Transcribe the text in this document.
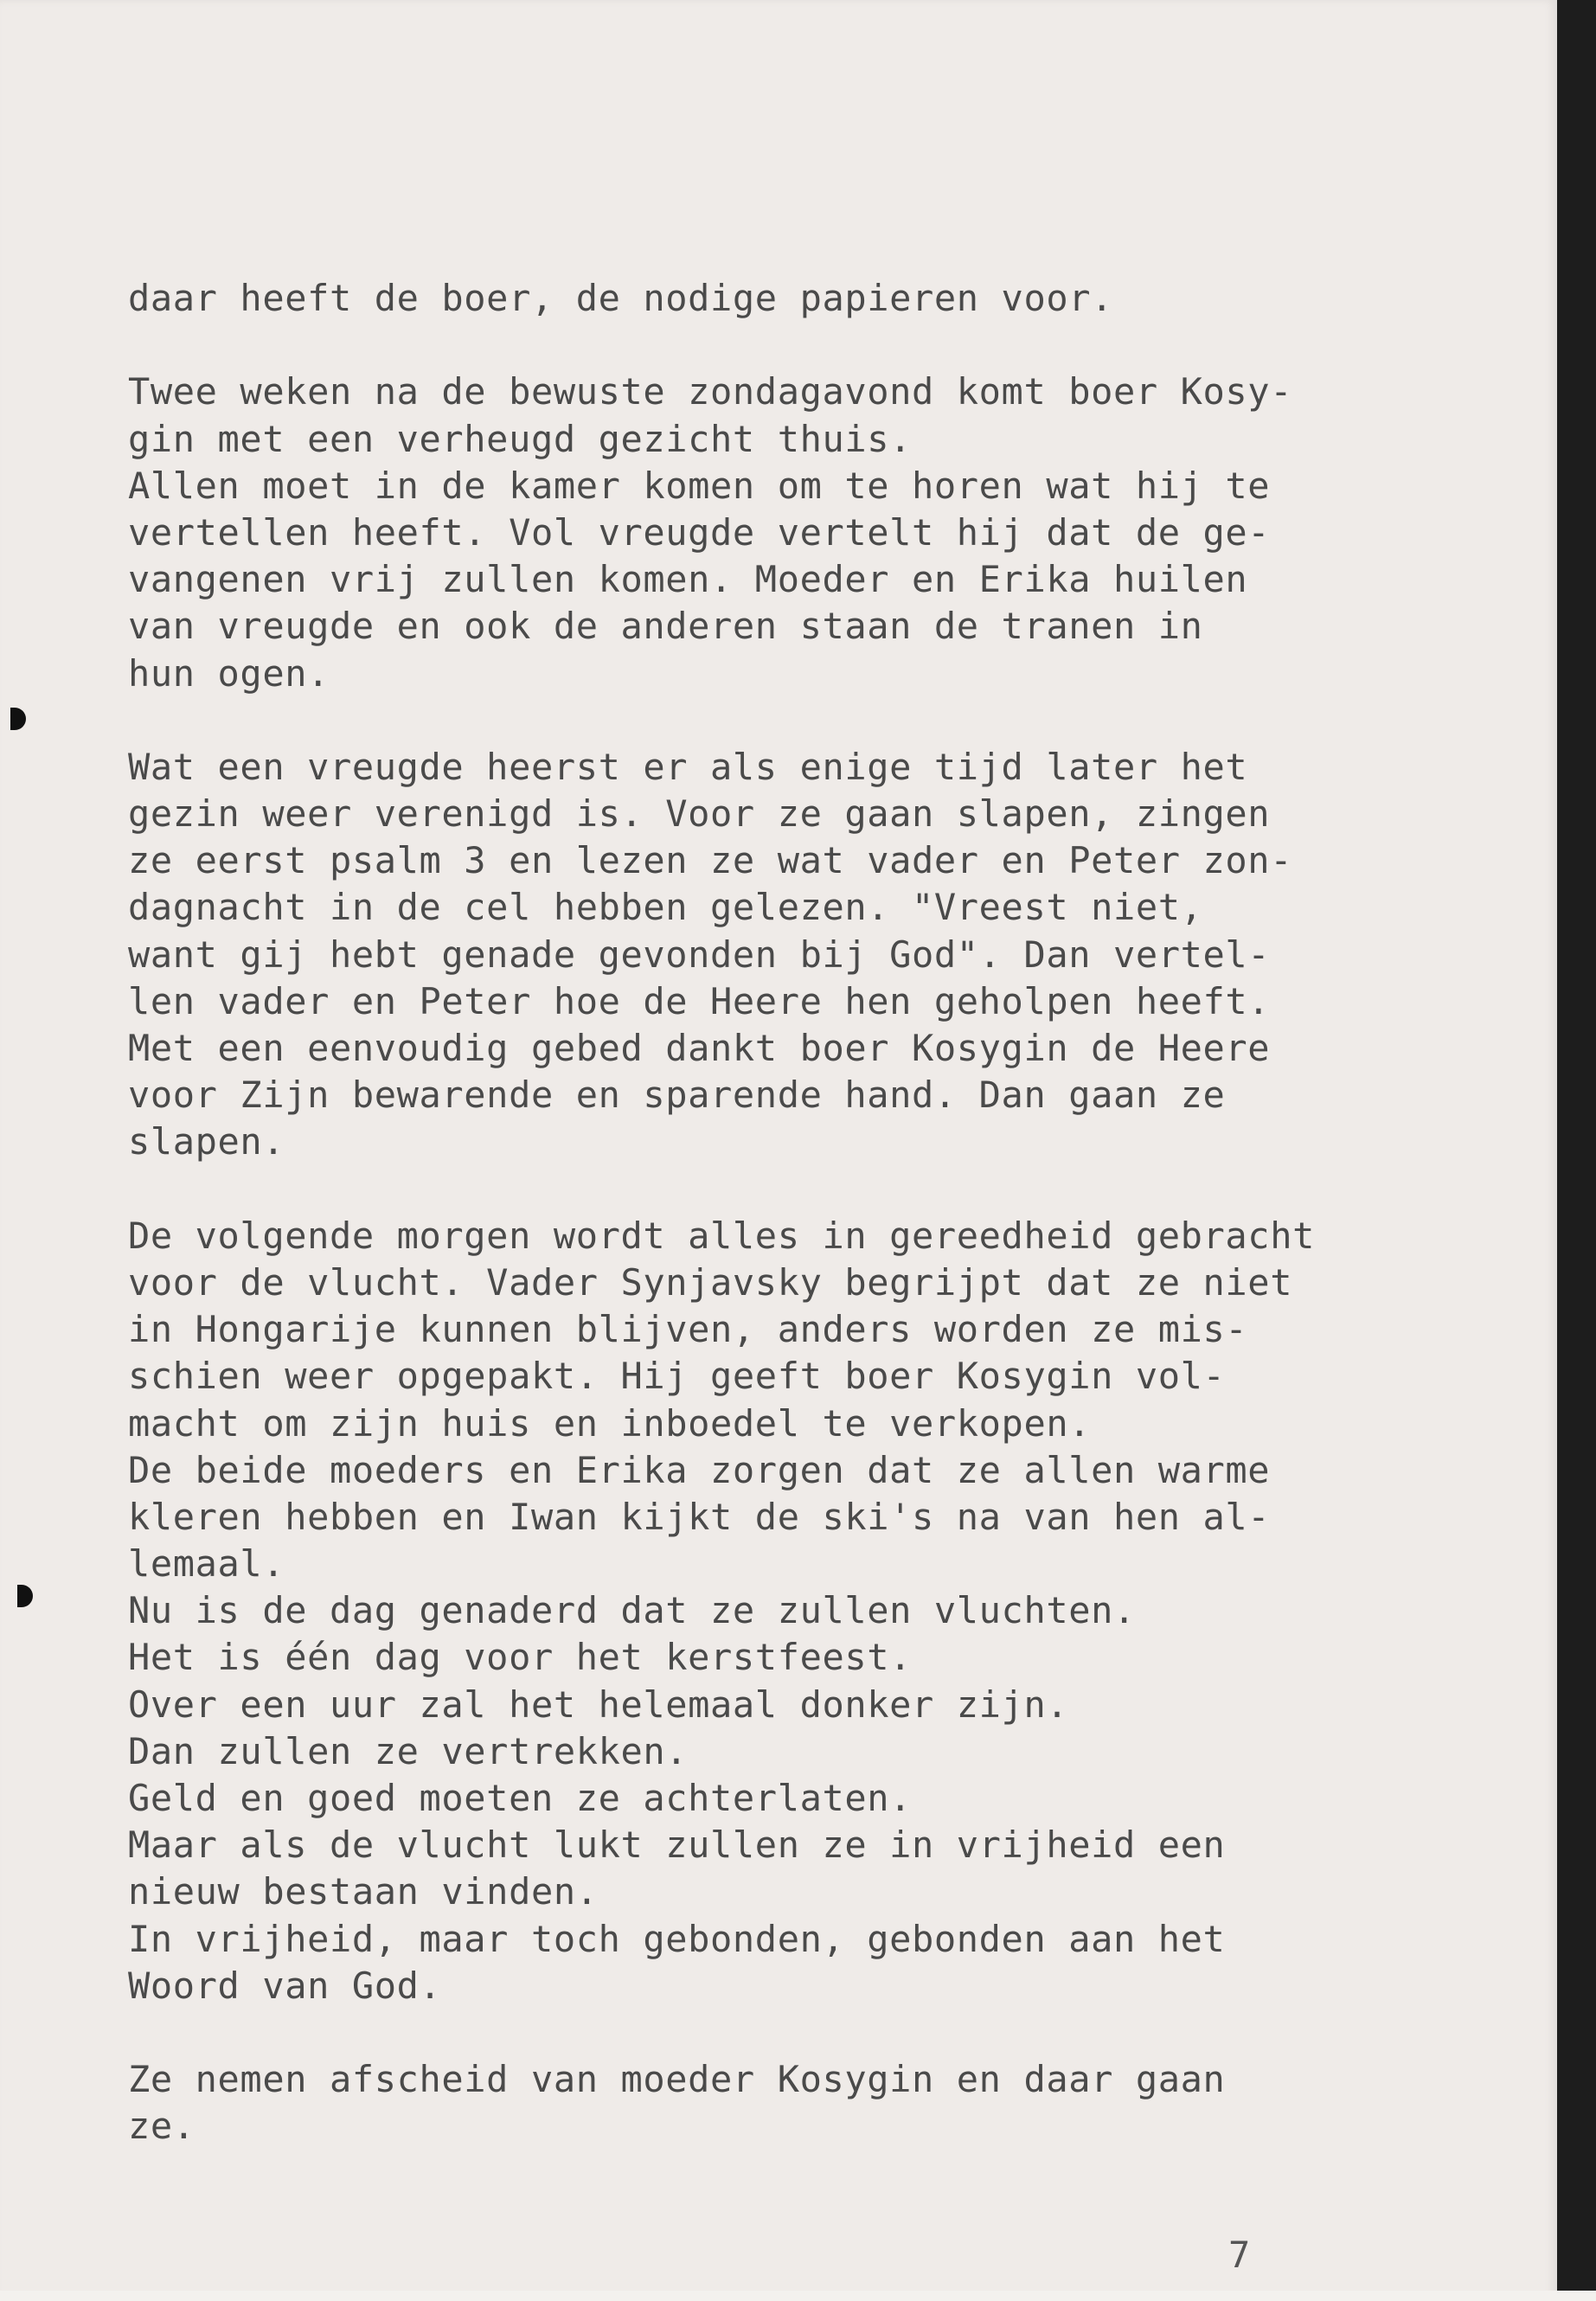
daar heeft de boer, de nodige papieren voor.
Twee weken na de bewuste zondagavond komt boer Kosy-
gin met een verheugd gezicht thuis.
Allen moet in de kamer komen om te horen wat hij te
vertellen heeft. Vol vreugde vertelt hij dat de ge-
vangenen vrij zullen komen. Moeder en Erika huilen
van vreugde en ook de anderen staan de tranen in
hun ogen.
Wat een vreugde heerst er als enige tijd later het
gezin weer verenigd is. Voor ze gaan slapen, zingen
ze eerst psalm 3 en lezen ze wat vader en Peter zon-
dagnacht in de cel hebben gelezen. "Vreest niet,
want gij hebt genade gevonden bij God". Dan vertel-
len vader en Peter hoe de Heere hen geholpen heeft.
Met een eenvoudig gebed dankt boer Kosygin de Heere
voor Zijn bewarende en sparende hand. Dan gaan ze
slapen.
De volgende morgen wordt alles in gereedheid gebracht
voor de vlucht. Vader Synjavsky begrijpt dat ze niet
in Hongarije kunnen blijven, anders worden ze mis-
schien weer opgepakt. Hij geeft boer Kosygin vol-
macht om zijn huis en inboedel te verkopen.
De beide moeders en Erika zorgen dat ze allen warme
kleren hebben en Iwan kijkt de ski's na van hen al-
lemaal.
Nu is de dag genaderd dat ze zullen vluchten.
Het is één dag voor het kerstfeest.
Over een uur zal het helemaal donker zijn.
Dan zullen ze vertrekken.
Geld en goed moeten ze achterlaten.
Maar als de vlucht lukt zullen ze in vrijheid een
nieuw bestaan vinden.
In vrijheid, maar toch gebonden, gebonden aan het
Woord van God.
Ze nemen afscheid van moeder Kosygin en daar gaan
ze.
7
